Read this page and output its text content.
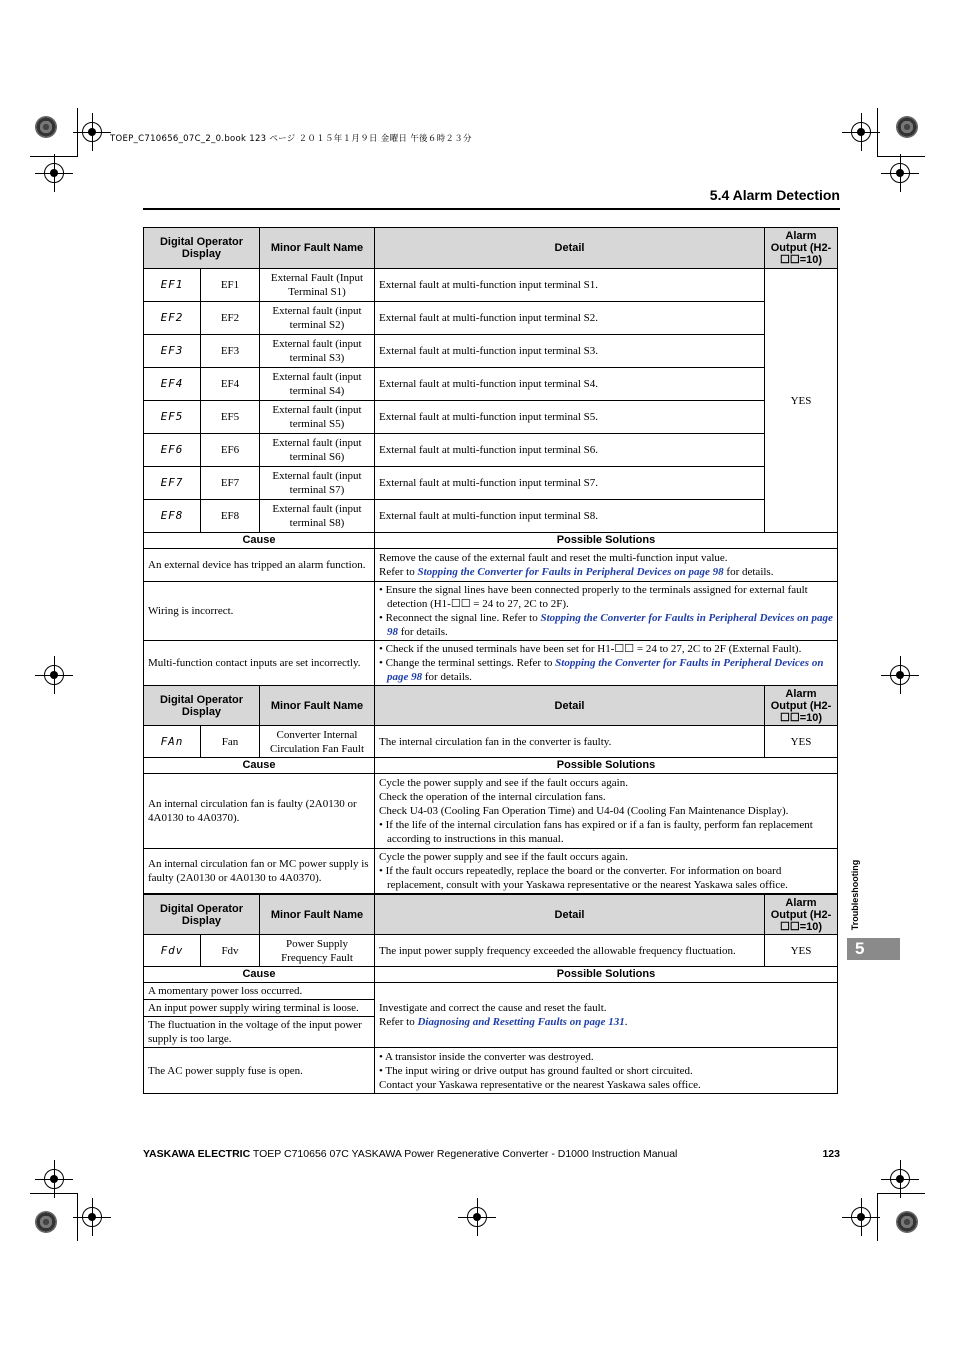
TOEP_C710656_07C_2_0.book 123 ページ ２０１５年１月９日 金曜日 午後６時２３分
5.4 Alarm Detection
Digital Operator Display		Minor Fault Name	Detail	Alarm Output (H2-☐☐=10)
EF1	EF1	External Fault (Input Terminal S1)	External fault at multi-function input terminal S1.	YES
EF2	EF2	External fault (input terminal S2)	External fault at multi-function input terminal S2.	
EF3	EF3	External fault (input terminal S3)	External fault at multi-function input terminal S3.	
EF4	EF4	External fault (input terminal S4)	External fault at multi-function input terminal S4.	
EF5	EF5	External fault (input terminal S5)	External fault at multi-function input terminal S5.	
EF6	EF6	External fault (input terminal S6)	External fault at multi-function input terminal S6.	
EF7	EF7	External fault (input terminal S7)	External fault at multi-function input terminal S7.	
EF8	EF8	External fault (input terminal S8)	External fault at multi-function input terminal S8.	
Cause			Possible Solutions	
An external device has tripped an alarm function.			Remove the cause of the external fault and reset the multi-function input value.
Refer to Stopping the Converter for Faults in Peripheral Devices on page 98 for details.	

Wiring is incorrect.			• Ensure the signal lines have been connected properly to the terminals assigned for external fault detection (H1-☐☐ = 24 to 27, 2C to 2F).
• Reconnect the signal line. Refer to Stopping the Converter for Faults in Peripheral Devices on page 98 for details.	

Multi-function contact inputs are set incorrectly.			• Check if the unused terminals have been set for H1-☐☐ = 24 to 27, 2C to 2F (External Fault).
• Change the terminal settings. Refer to Stopping the Converter for Faults in Peripheral Devices on page 98 for details.	
Digital Operator Display		Minor Fault Name	Detail	Alarm Output (H2-☐☐=10)
FAn	Fan	Converter Internal Circulation Fan Fault	The internal circulation fan in the converter is faulty.	YES
Cause			Possible Solutions	
An internal circulation fan is faulty (2A0130 or 4A0130 to 4A0370).			Cycle the power supply and see if the fault occurs again.
Check the operation of the internal circulation fans.
Check U4-03 (Cooling Fan Operation Time) and U4-04 (Cooling Fan Maintenance Display).
• If the life of the internal circulation fans has expired or if a fan is faulty, perform fan replacement according to instructions in this manual.	

An internal circulation fan or MC power supply is faulty (2A0130 or 4A0130 to 4A0370).			Cycle the power supply and see if the fault occurs again.
• If the fault occurs repeatedly, replace the board or the converter. For information on board replacement, consult with your Yaskawa representative or the nearest Yaskawa sales office.	
Digital Operator Display		Minor Fault Name	Detail	Alarm Output (H2-☐☐=10)
Fdv	Fdv	Power Supply Frequency Fault	The input power supply frequency exceeded the allowable frequency fluctuation.	YES
Cause			Possible Solutions	
A momentary power loss occurred.			Investigate and correct the cause and reset the fault.
Refer to Diagnosing and Resetting Faults on page 131.	

An input power supply wiring terminal is loose.				
The fluctuation in the voltage of the input power supply is too large.				
The AC power supply fuse is open.			• A transistor inside the converter was destroyed.
• The input wiring or drive output has ground faulted or short circuited.
Contact your Yaskawa representative or the nearest Yaskawa sales office.	
Troubleshooting
5
YASKAWA ELECTRIC TOEP C710656 07C YASKAWA Power Regenerative Converter - D1000 Instruction Manual	123
